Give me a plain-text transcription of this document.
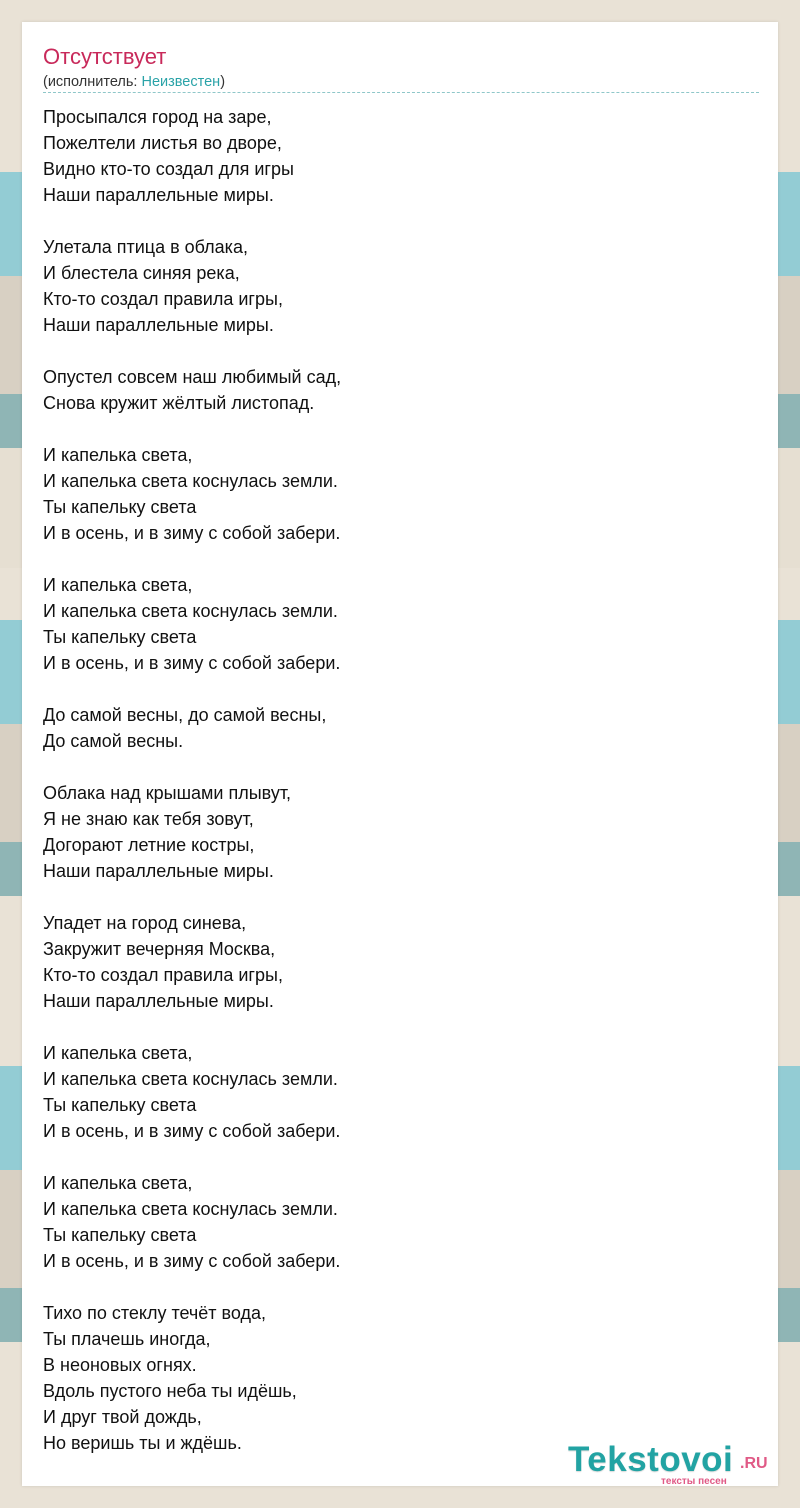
Отсутствует
(исполнитель: Неизвестен)
Просыпался город на заре,
Пожелтели листья во дворе,
Видно кто-то создал для игры
Наши параллельные миры.
Улетала птица в облака,
И блестела синяя река,
Кто-то создал правила игры,
Наши параллельные миры.
Опустел совсем наш любимый сад,
Снова кружит жёлтый листопад.
И капелька света,
И капелька света коснулась земли.
Ты капельку света
И в осень, и в зиму с собой забери.
И капелька света,
И капелька света коснулась земли.
Ты капельку света
И в осень, и в зиму с собой забери.
До самой весны, до самой весны,
До самой весны.
Облака над крышами плывут,
Я не знаю как тебя зовут,
Догорают летние костры,
Наши параллельные миры.
Упадет на город синева,
Закружит вечерняя Москва,
Кто-то создал правила игры,
Наши параллельные миры.
И капелька света,
И капелька света коснулась земли.
Ты капельку света
И в осень, и в зиму с собой забери.
И капелька света,
И капелька света коснулась земли.
Ты капельку света
И в осень, и в зиму с собой забери.
Тихо по стеклу течёт вода,
Ты плачешь иногда,
В неоновых огнях.
Вдоль пустого неба ты идёшь,
И друг твой дождь,
Но веришь ты и ждёшь.	Tekstovoi .RU
тексты песен
